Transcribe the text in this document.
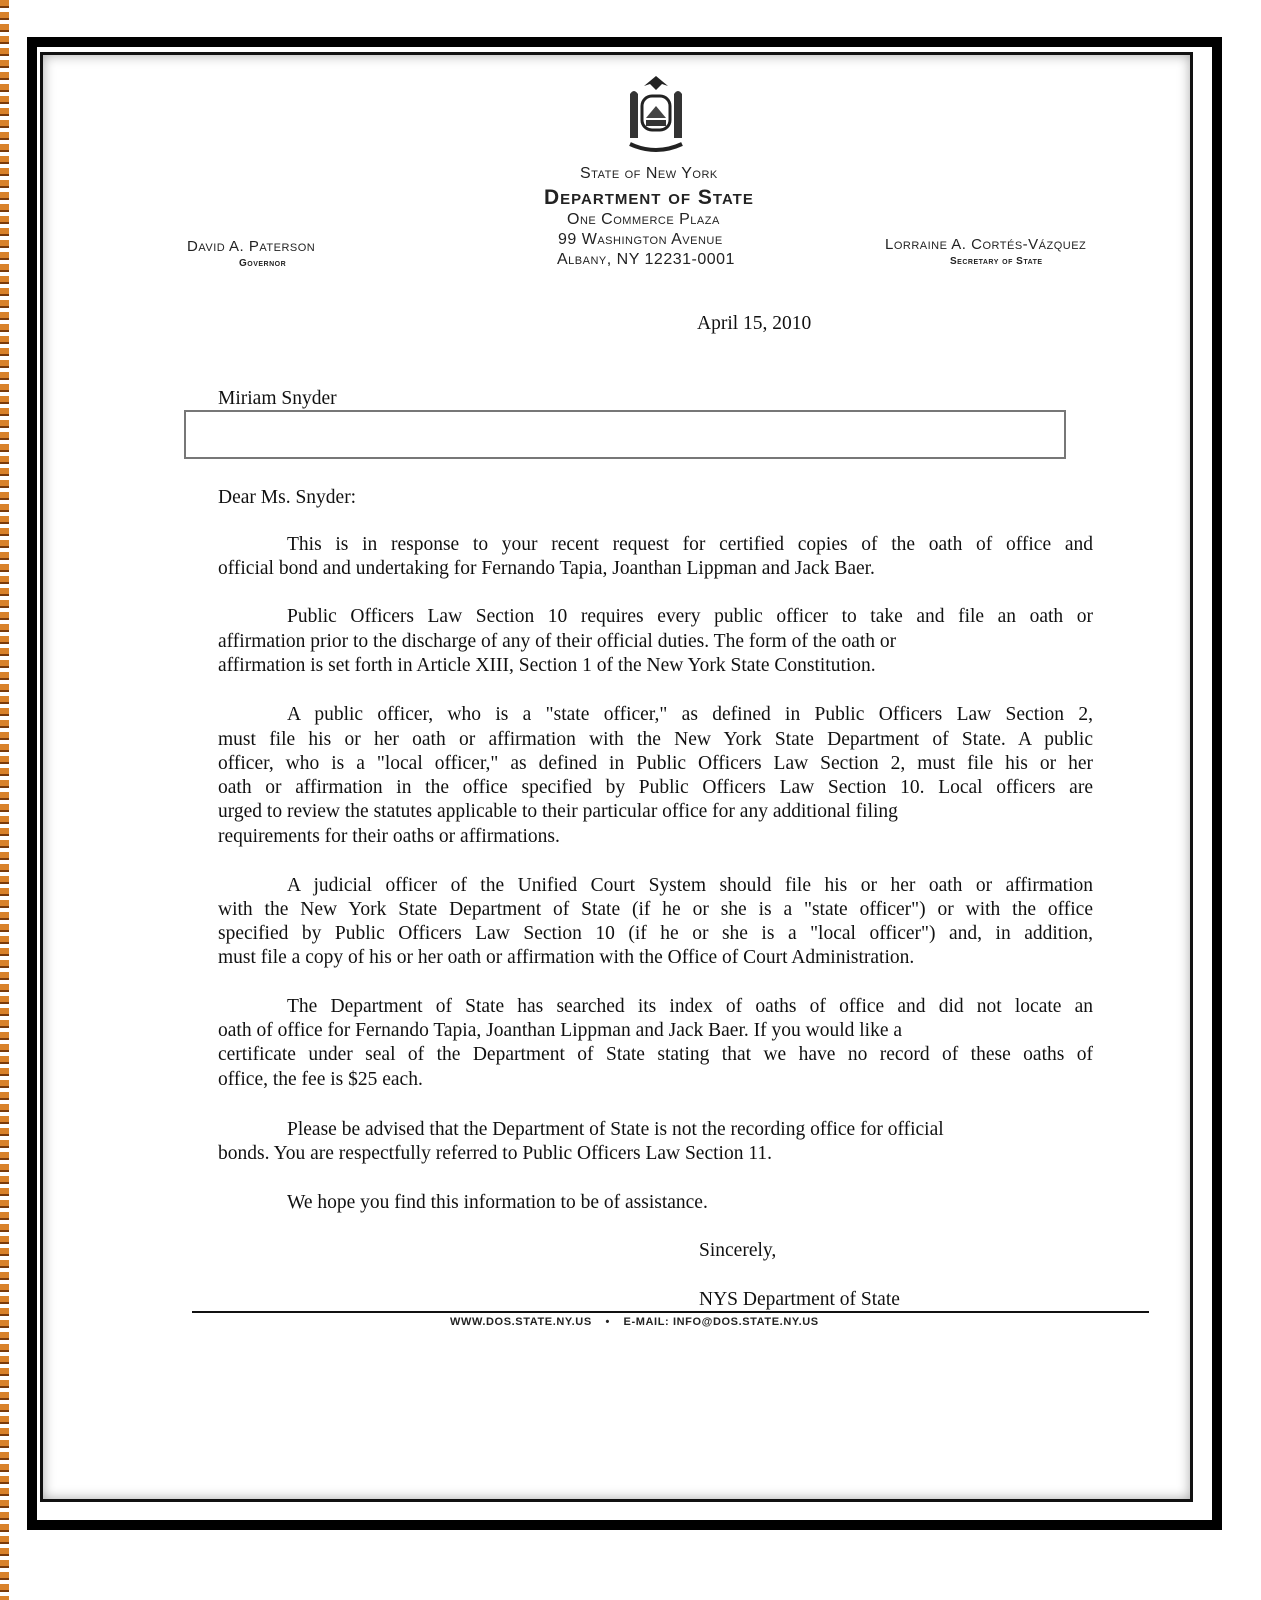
State of New York
Department of State
One Commerce Plaza
99 Washington Avenue
Albany, NY 12231-0001
David A. Paterson
Governor
Lorraine A. Cortés-Vázquez
Secretary of State
April 15, 2010
Miriam Snyder
Dear Ms. Snyder:
This is in response to your recent request for certified copies of the oath of office and
official bond and undertaking for Fernando Tapia, Joanthan Lippman and Jack Baer.
Public Officers Law Section 10 requires every public officer to take and file an oath or
affirmation prior to the discharge of any of their official duties. The form of the oath or
affirmation is set forth in Article XIII, Section 1 of the New York State Constitution.
A public officer, who is a "state officer," as defined in Public Officers Law Section 2,
must file his or her oath or affirmation with the New York State Department of State. A public
officer, who is a "local officer," as defined in Public Officers Law Section 2, must file his or her
oath or affirmation in the office specified by Public Officers Law Section 10. Local officers are
urged to review the statutes applicable to their particular office for any additional filing
requirements for their oaths or affirmations.
A judicial officer of the Unified Court System should file his or her oath or affirmation
with the New York State Department of State (if he or she is a "state officer") or with the office
specified by Public Officers Law Section 10 (if he or she is a "local officer") and, in addition,
must file a copy of his or her oath or affirmation with the Office of Court Administration.
The Department of State has searched its index of oaths of office and did not locate an
oath of office for Fernando Tapia, Joanthan Lippman and Jack Baer. If you would like a
certificate under seal of the Department of State stating that we have no record of these oaths of
office, the fee is $25 each.
Please be advised that the Department of State is not the recording office for official
bonds. You are respectfully referred to Public Officers Law Section 11.
We hope you find this information to be of assistance.
Sincerely,
NYS Department of State
WWW.DOS.STATE.NY.US • E-MAIL: INFO@DOS.STATE.NY.US
